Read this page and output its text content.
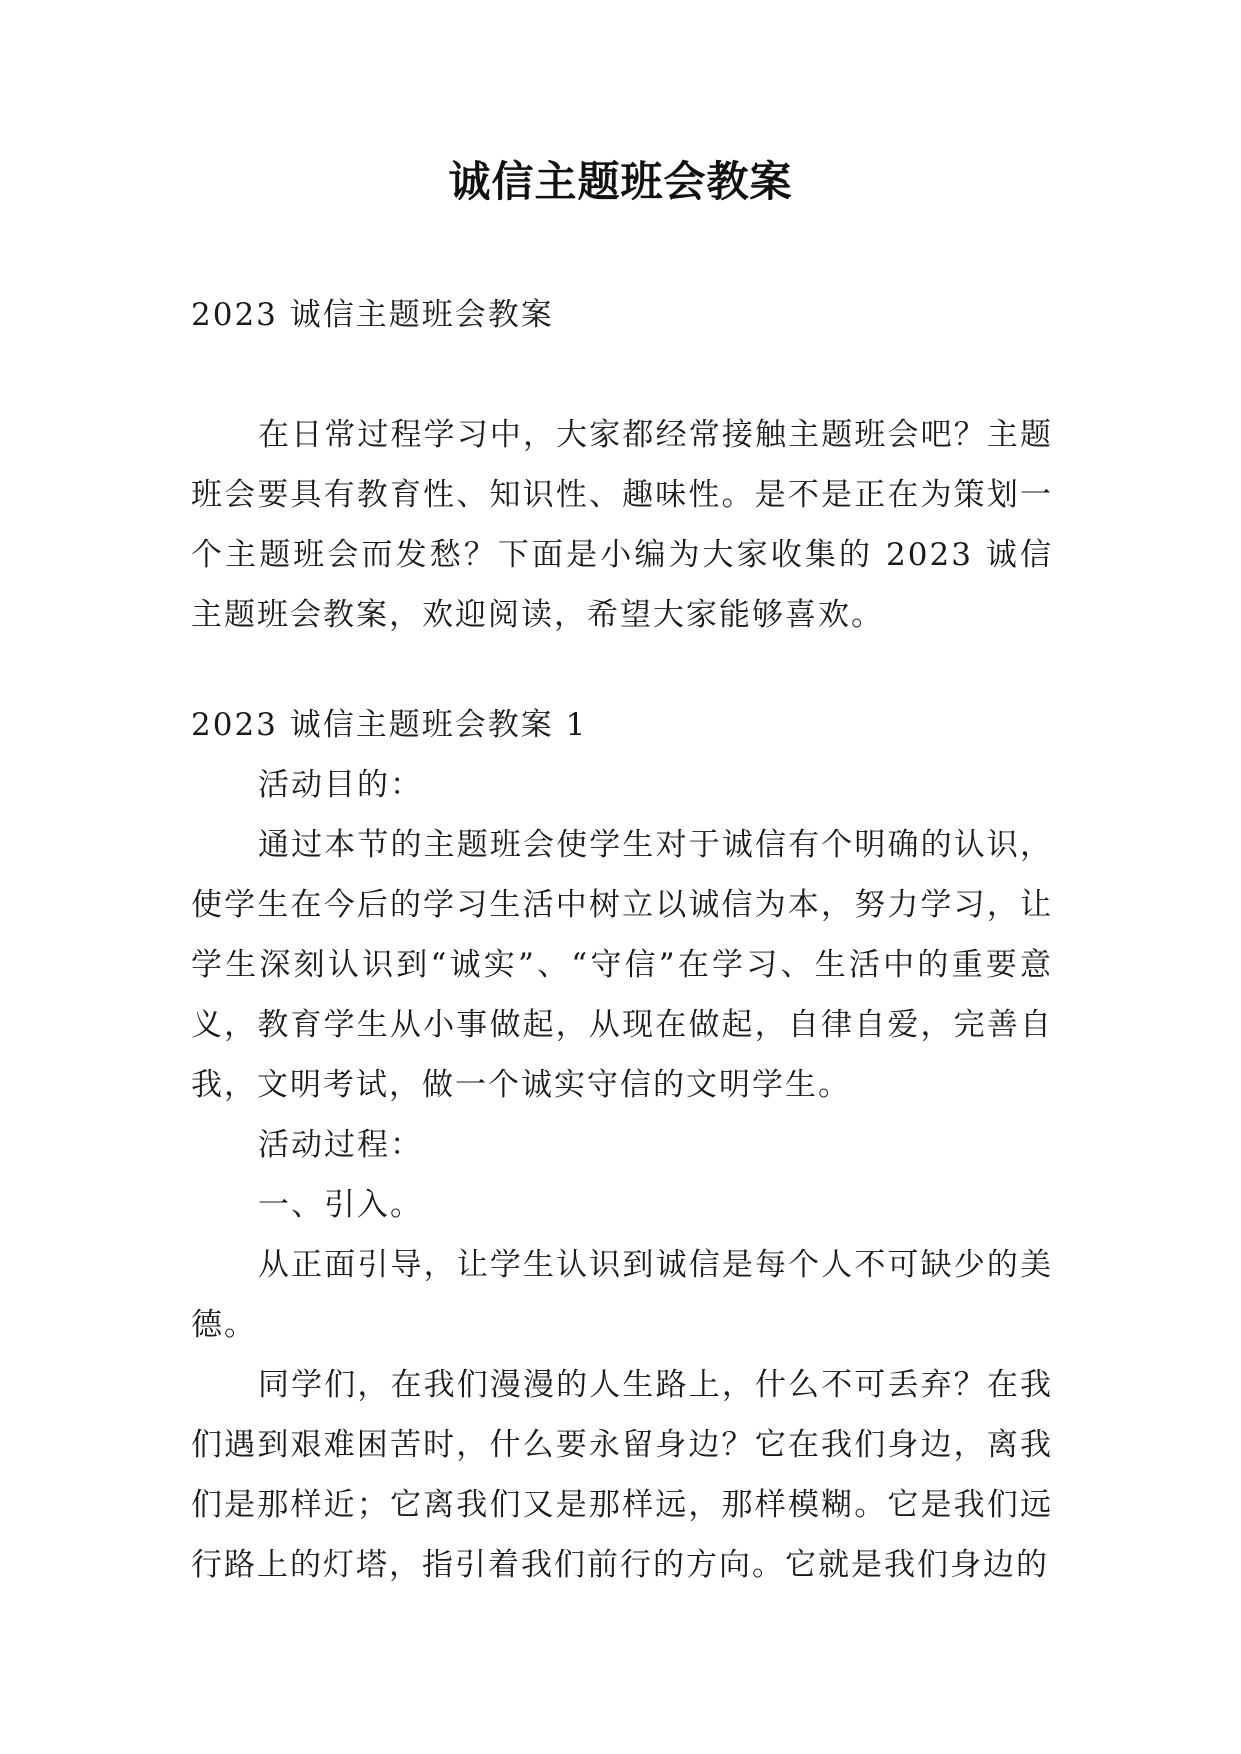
诚信主题班会教案

2023 诚信主题班会教案

在日常过程学习中，大家都经常接触主题班会吧？主题班会要具有教育性、知识性、趣味性。是不是正在为策划一个主题班会而发愁？下面是小编为大家收集的 2023 诚信主题班会教案，欢迎阅读，希望大家能够喜欢。

2023 诚信主题班会教案 1

活动目的：

通过本节的主题班会使学生对于诚信有个明确的认识，使学生在今后的学习生活中树立以诚信为本，努力学习，让学生深刻认识到“诚实”、“守信”在学习、生活中的重要意义，教育学生从小事做起，从现在做起，自律自爱，完善自我，文明考试，做一个诚实守信的文明学生。

活动过程：

一、引入。

从正面引导，让学生认识到诚信是每个人不可缺少的美德。

同学们，在我们漫漫的人生路上，什么不可丢弃？在我们遇到艰难困苦时，什么要永留身边？它在我们身边，离我们是那样近；它离我们又是那样远，那样模糊。它是我们远行路上的灯塔，指引着我们前行的方向。它就是我们身边的
